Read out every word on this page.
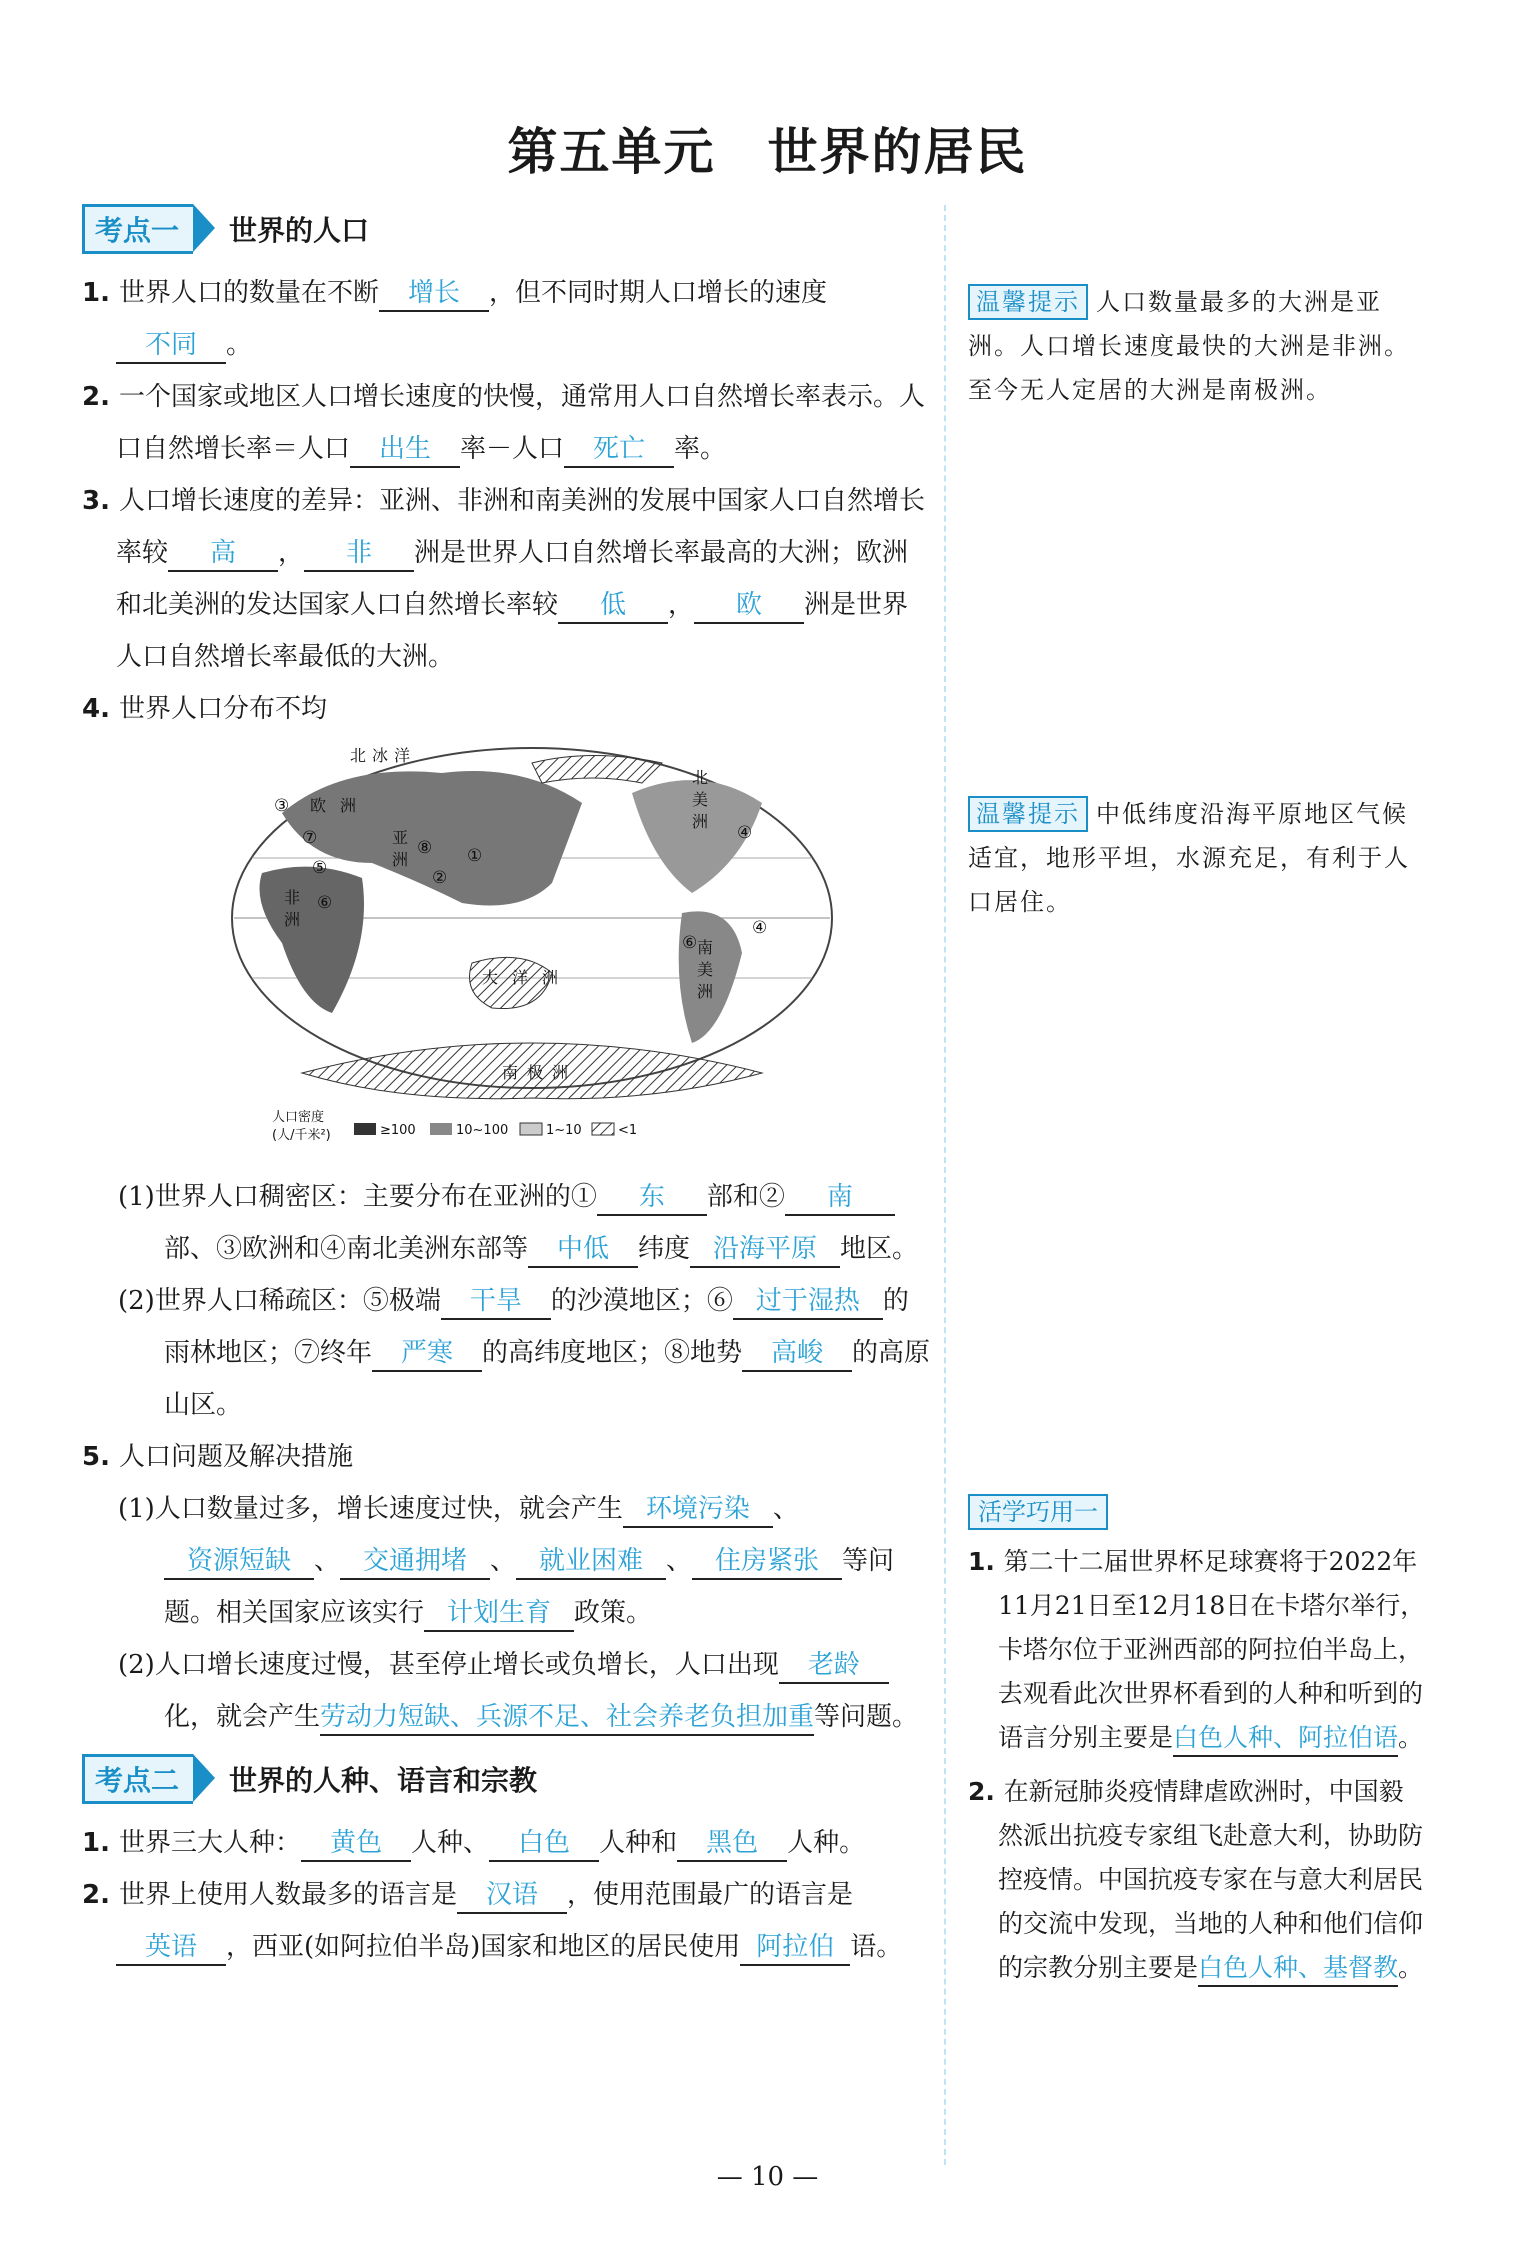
第五单元　世界的居民
考点一	世界的人口

1. 世界人口的数量在不断 增长 ，但不同时期人口增长的速度不同 。

2. 一个国家或地区人口增长速度的快慢，通常用人口自然增长率表示。人口自然增长率＝人口 出生 率－人口 死亡 率。

3. 人口增长速度的差异：亚洲、非洲和南美洲的发展中国家人口自然增长率较 高 ， 非 洲是世界人口自然增长率最高的大洲；欧洲和北美洲的发达国家人口自然增长率较 低 ， 欧 洲是世界人口自然增长率最低的大洲。

4. 世界人口分布不均

欧 洲
亚
洲
非
洲
北
美
洲
南
美
洲
大 洋 洲
南 极 洲
北 冰 洋
①
②
③
④
⑤
⑥
⑦	⑧
④
⑥
人口密度
(人/千米²)	≥100	10~100	1~10	<1

(1)世界人口稠密区：主要分布在亚洲的① 东 部和② 南部、③欧洲和④南北美洲东部等 中低 纬度 沿海平原 地区。

(2)世界人口稀疏区：⑤极端 干旱 的沙漠地区；⑥ 过于湿热 的雨林地区；⑦终年 严寒 的高纬度地区；⑧地势 高峻 的高原山区。

5. 人口问题及解决措施

(1)人口数量过多，增长速度过快，就会产生 环境污染 、资源短缺 、 交通拥堵 、 就业困难 、 住房紧张 等问题。相关国家应该实行 计划生育 政策。

(2)人口增长速度过慢，甚至停止增长或负增长，人口出现 老龄化，就会产生劳动力短缺、兵源不足、社会养老负担加重等问题。

考点二	世界的人种、语言和宗教

1. 世界三大人种： 黄色 人种、 白色 人种和 黑色 人种。

2. 世界上使用人数最多的语言是 汉语 ，使用范围最广的语言是英语 ，西亚(如阿拉伯半岛)国家和地区的居民使用 阿拉伯 语。

温馨提示 人口数量最多的大洲是亚洲。人口增长速度最快的大洲是非洲。至今无人定居的大洲是南极洲。
温馨提示 中低纬度沿海平原地区气候适宜，地形平坦，水源充足，有利于人口居住。
活学巧用一

1. 第二十二届世界杯足球赛将于2022年11月21日至12月18日在卡塔尔举行，卡塔尔位于亚洲西部的阿拉伯半岛上，去观看此次世界杯看到的人种和听到的语言分别主要是白色人种、阿拉伯语。

2. 在新冠肺炎疫情肆虐欧洲时，中国毅然派出抗疫专家组飞赴意大利，协助防控疫情。中国抗疫专家在与意大利居民的交流中发现，当地的人种和他们信仰的宗教分别主要是白色人种、基督教。

— 10 —
